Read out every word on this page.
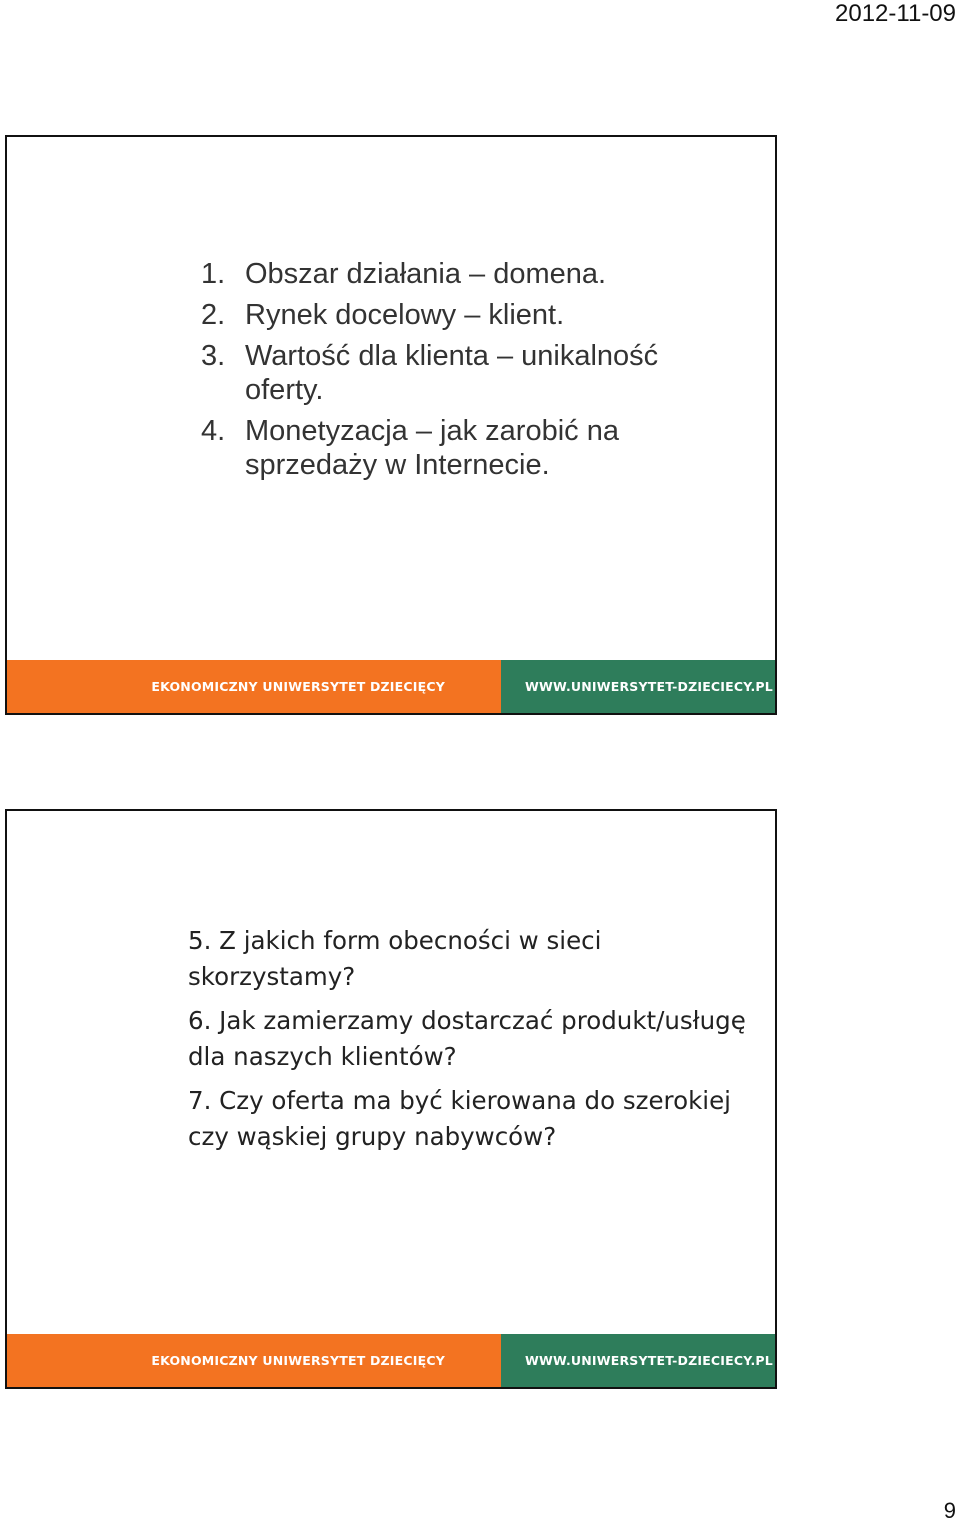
2012-11-09
1. Obszar działania – domena.
2. Rynek docelowy – klient.
3. Wartość dla klienta – unikalność oferty.
4. Monetyzacja – jak zarobić na sprzedaży w Internecie.
EKONOMICZNY UNIWERSYTET DZIECIĘCY	WWW.UNIWERSYTET-DZIECIECY.PL
5. Z jakich form obecności w sieci skorzystamy?
6. Jak zamierzamy dostarczać produkt/usługę dla naszych klientów?
7. Czy oferta ma być kierowana do szerokiej czy wąskiej grupy nabywców?
EKONOMICZNY UNIWERSYTET DZIECIĘCY	WWW.UNIWERSYTET-DZIECIECY.PL
9
